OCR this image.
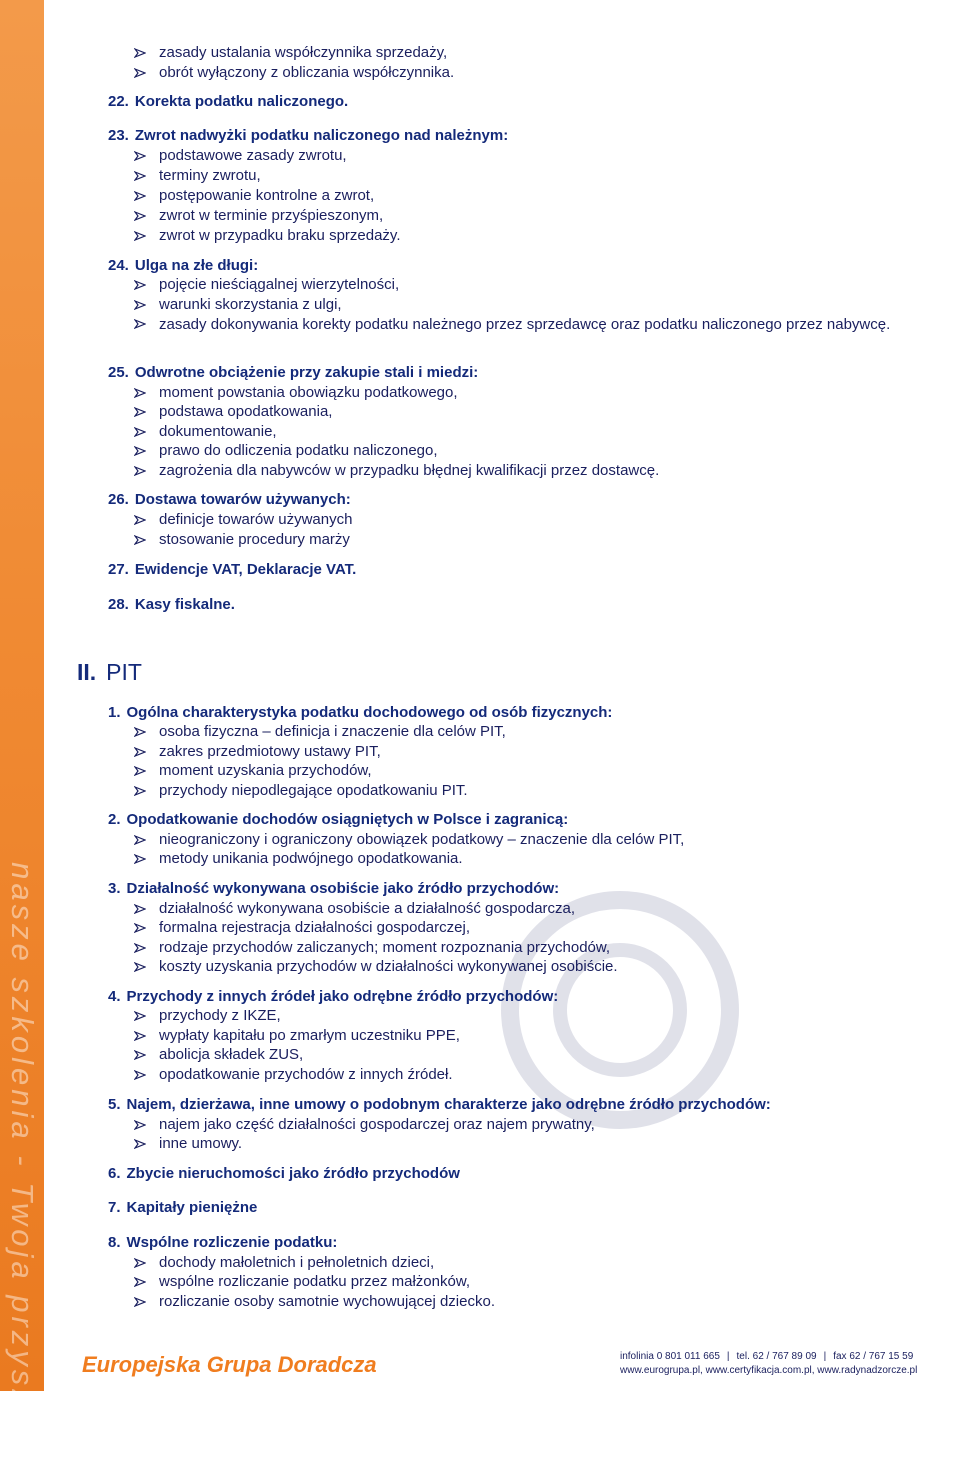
nasze szkolenia - Twoja przyszłość
zasady ustalania współczynnika sprzedaży,
obrót wyłączony z obliczania współczynnika.
22. Korekta podatku naliczonego.
23. Zwrot nadwyżki podatku naliczonego nad należnym:
podstawowe zasady zwrotu,
terminy zwrotu,
postępowanie kontrolne a zwrot,
zwrot w terminie przyśpieszonym,
zwrot w przypadku braku sprzedaży.
24. Ulga na złe długi:
pojęcie nieściągalnej wierzytelności,
warunki skorzystania z ulgi,
zasady dokonywania korekty podatku należnego przez sprzedawcę oraz podatku naliczonego przez nabywcę.
25. Odwrotne obciążenie przy zakupie stali i miedzi:
moment powstania obowiązku podatkowego,
podstawa opodatkowania,
dokumentowanie,
prawo do odliczenia podatku naliczonego,
zagrożenia dla nabywców w przypadku błędnej kwalifikacji przez dostawcę.
26. Dostawa towarów używanych:
definicje towarów używanych
stosowanie procedury marży
27. Ewidencje VAT, Deklaracje VAT.
28. Kasy fiskalne.
II. PIT
1. Ogólna charakterystyka podatku dochodowego od osób fizycznych:
osoba fizyczna – definicja i znaczenie dla celów PIT,
zakres przedmiotowy ustawy PIT,
moment uzyskania przychodów,
przychody niepodlegające opodatkowaniu PIT.
2. Opodatkowanie dochodów osiągniętych w Polsce i zagranicą:
nieograniczony i ograniczony obowiązek podatkowy – znaczenie dla celów PIT,
metody unikania podwójnego opodatkowania.
3. Działalność wykonywana osobiście jako źródło przychodów:
działalność wykonywana osobiście a działalność gospodarcza,
formalna rejestracja działalności gospodarczej,
rodzaje przychodów zaliczanych; moment rozpoznania przychodów,
koszty uzyskania przychodów w działalności wykonywanej osobiście.
4. Przychody z innych źródeł jako odrębne źródło przychodów:
przychody z IKZE,
wypłaty kapitału po zmarłym uczestniku PPE,
abolicja składek ZUS,
opodatkowanie przychodów z innych źródeł.
5. Najem, dzierżawa, inne umowy o podobnym charakterze jako odrębne źródło przychodów:
najem jako część działalności gospodarczej oraz najem prywatny,
inne umowy.
6. Zbycie nieruchomości jako źródło przychodów
7. Kapitały pieniężne
8. Wspólne rozliczenie podatku:
dochody małoletnich i pełnoletnich dzieci,
wspólne rozliczanie podatku przez małżonków,
rozliczanie osoby samotnie wychowującej dziecko.
Europejska Grupa Doradcza	infolinia 0 801 011 665 | tel. 62 / 767 89 09 | fax 62 / 767 15 59
www.eurogrupa.pl, www.certyfikacja.com.pl, www.radynadzorcze.pl
